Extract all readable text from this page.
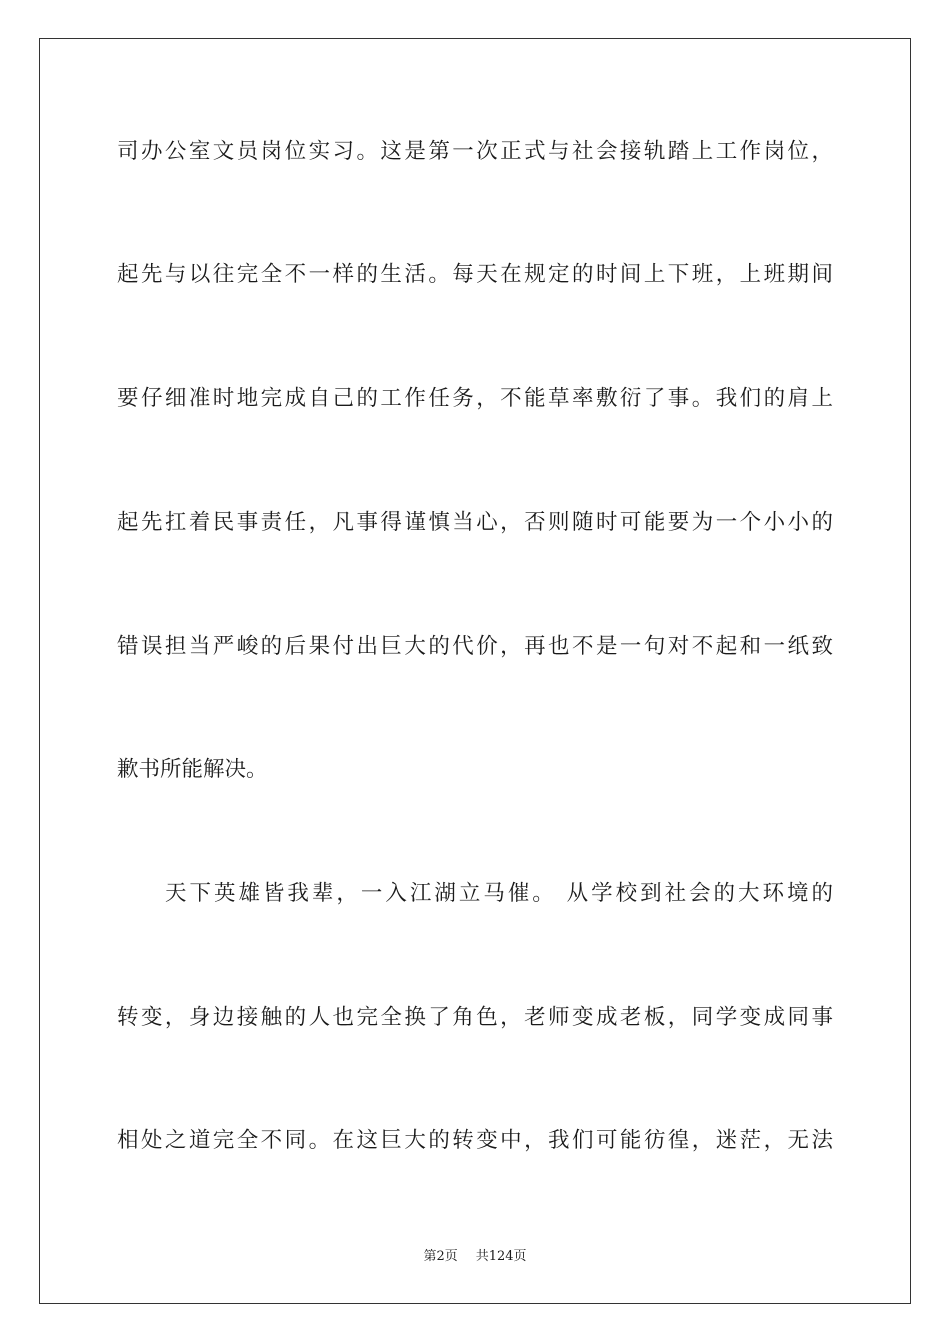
司办公室文员岗位实习。这是第一次正式与社会接轨踏上工作岗位，
起先与以往完全不一样的生活。每天在规定的时间上下班，上班期间
要仔细准时地完成自己的工作任务，不能草率敷衍了事。我们的肩上
起先扛着民事责任，凡事得谨慎当心，否则随时可能要为一个小小的
错误担当严峻的后果付出巨大的代价，再也不是一句对不起和一纸致
歉书所能解决。
天下英雄皆我辈，一入江湖立马催。 从学校到社会的大环境的
转变，身边接触的人也完全换了角色，老师变成老板，同学变成同事
相处之道完全不同。在这巨大的转变中，我们可能彷徨，迷茫，无法
第2页 共124页
